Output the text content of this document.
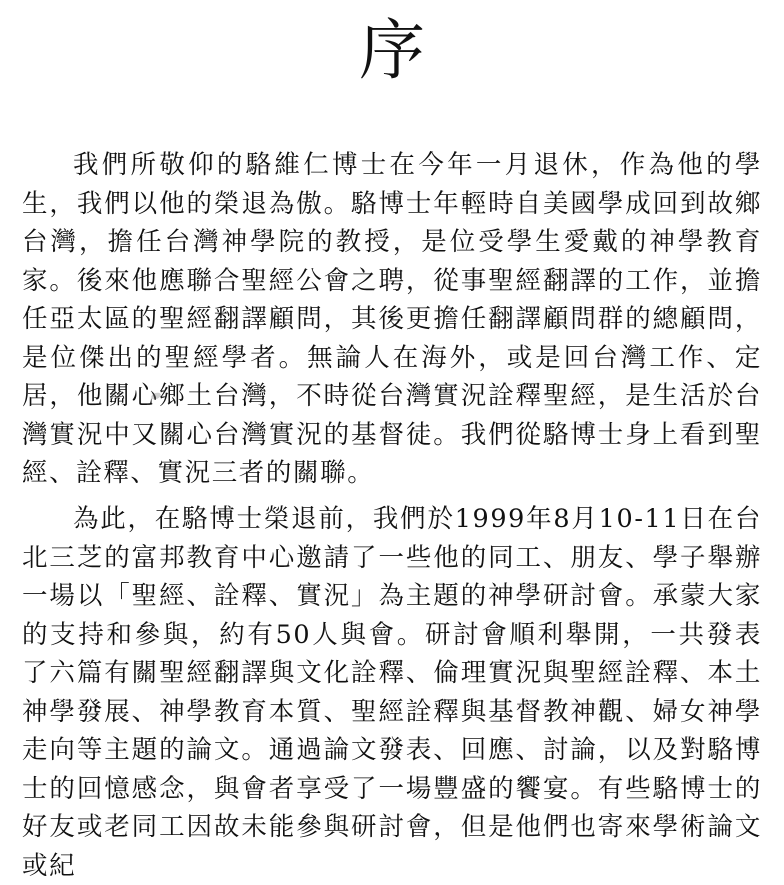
序

我們所敬仰的駱維仁博士在今年一月退休，作為他的學生，我們以他的榮退為傲。駱博士年輕時自美國學成回到故鄉台灣，擔任台灣神學院的教授，是位受學生愛戴的神學教育家。後來他應聯合聖經公會之聘，從事聖經翻譯的工作，並擔任亞太區的聖經翻譯顧問，其後更擔任翻譯顧問群的總顧問，是位傑出的聖經學者。無論人在海外，或是回台灣工作、定居，他關心鄉土台灣，不時從台灣實況詮釋聖經，是生活於台灣實況中又關心台灣實況的基督徒。我們從駱博士身上看到聖經、詮釋、實況三者的關聯。

為此，在駱博士榮退前，我們於1999年8月10-11日在台北三芝的富邦教育中心邀請了一些他的同工、朋友、學子舉辦一場以「聖經、詮釋、實況」為主題的神學研討會。承蒙大家的支持和參與，約有50人與會。研討會順利舉開，一共發表了六篇有關聖經翻譯與文化詮釋、倫理實況與聖經詮釋、本土神學發展、神學教育本質、聖經詮釋與基督教神觀、婦女神學走向等主題的論文。通過論文發表、回應、討論，以及對駱博士的回憶感念，與會者享受了一場豐盛的饗宴。有些駱博士的好友或老同工因故未能參與研討會，但是他們也寄來學術論文或紀
